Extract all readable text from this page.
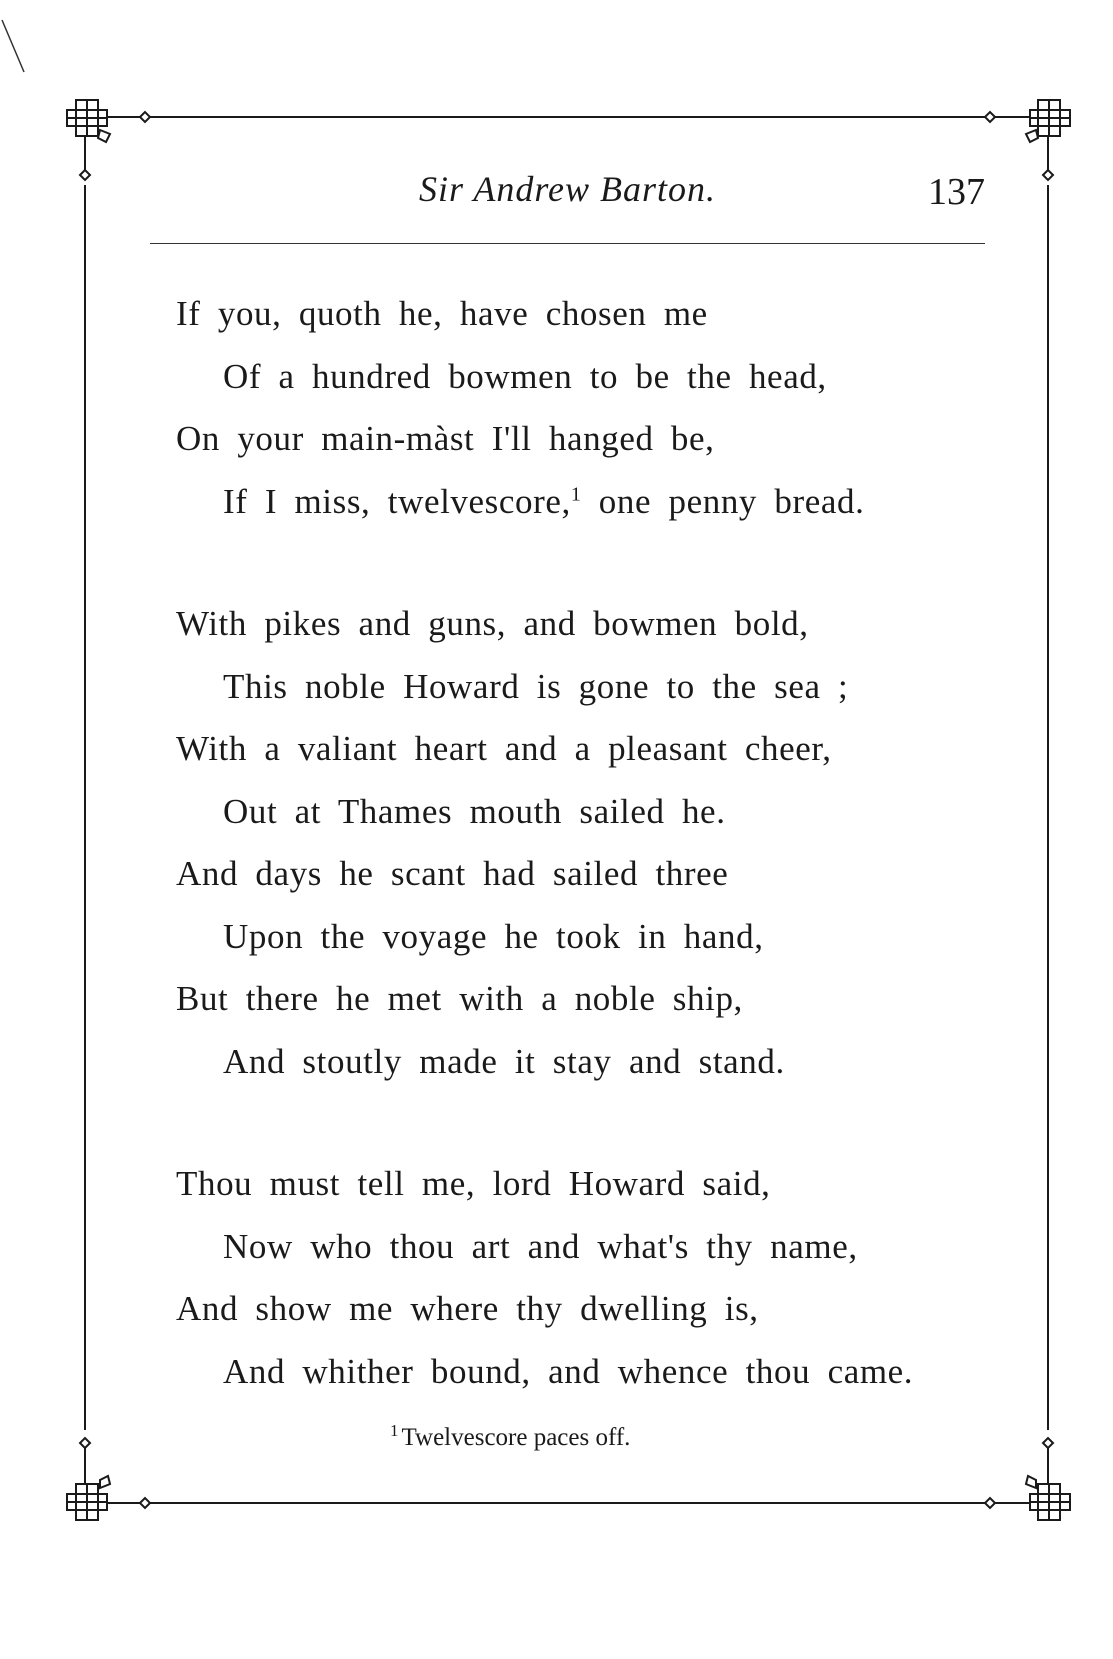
Sir Andrew Barton.	137
If you, quoth he, have chosen me
Of a hundred bowmen to be the head,
On your main-màst I'll hanged be,
If I miss, twelvescore,$^1$ one penny bread.
With pikes and guns, and bowmen bold,
This noble Howard is gone to the sea ;
With a valiant heart and a pleasant cheer,
Out at Thames mouth sailed he.
And days he scant had sailed three
Upon the voyage he took in hand,
But there he met with a noble ship,
And stoutly made it stay and stand.
Thou must tell me, lord Howard said,
Now who thou art and what's thy name,
And show me where thy dwelling is,
And whither bound, and whence thou came.
$^1$ Twelvescore paces off.
